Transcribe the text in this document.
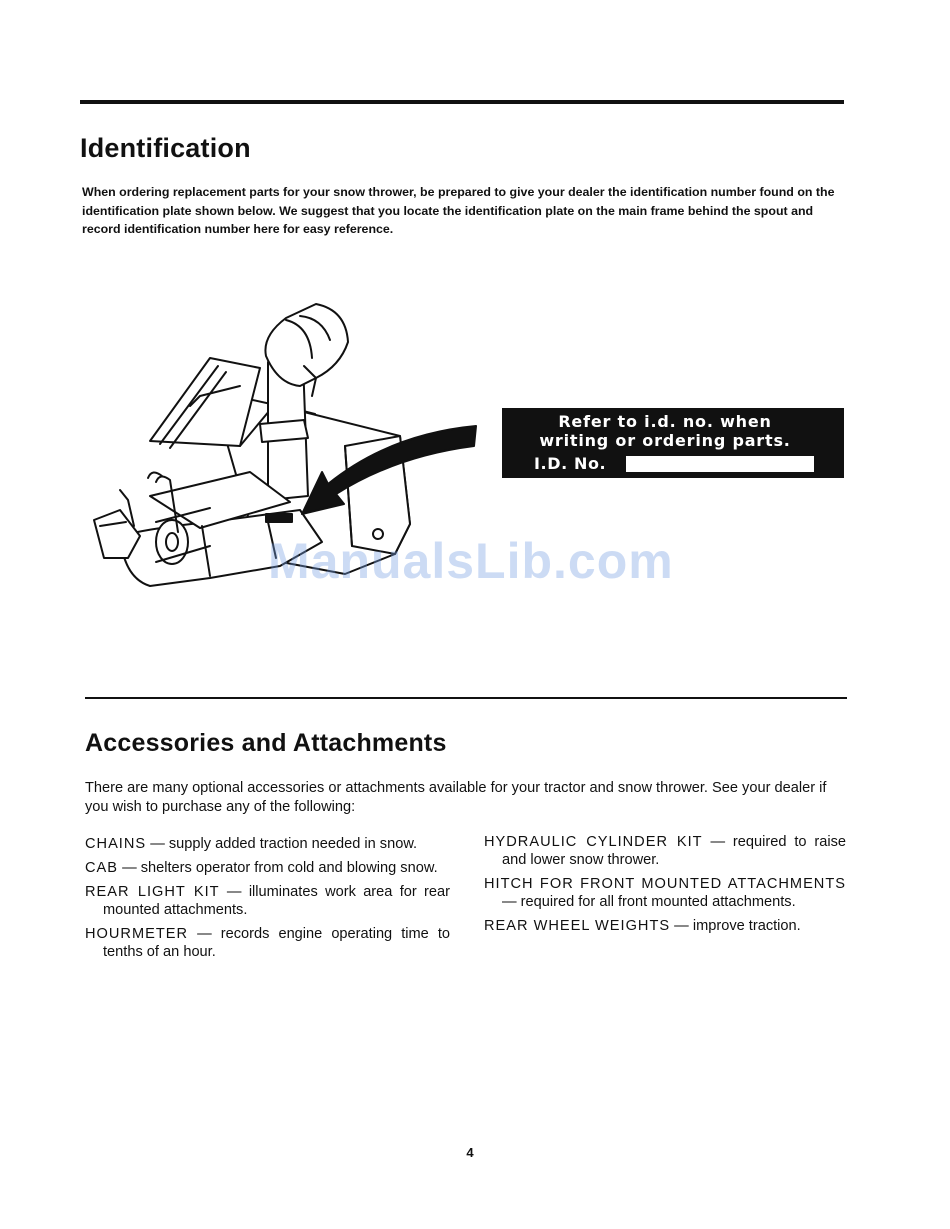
Identification

When ordering replacement parts for your snow thrower, be prepared to give your dealer the identification number found on the identification plate shown below. We suggest that you locate the identification plate on the main frame behind the spout and record identification number here for easy reference.

Refer to i.d. no. when
writing or ordering parts.
I.D. No.
ManualsLib.com
Accessories and Attachments

There are many optional accessories or attachments available for your tractor and snow thrower. See your dealer if you wish to purchase any of the following:

CHAINS — supply added traction needed in snow.

CAB — shelters operator from cold and blowing snow.

REAR LIGHT KIT — illuminates work area for rear mounted attachments.

HOURMETER — records engine operating time to tenths of an hour.

HYDRAULIC CYLINDER KIT — required to raise and lower snow thrower.

HITCH FOR FRONT MOUNTED ATTACHMENTS — required for all front mounted attachments.

REAR WHEEL WEIGHTS — improve traction.

4
